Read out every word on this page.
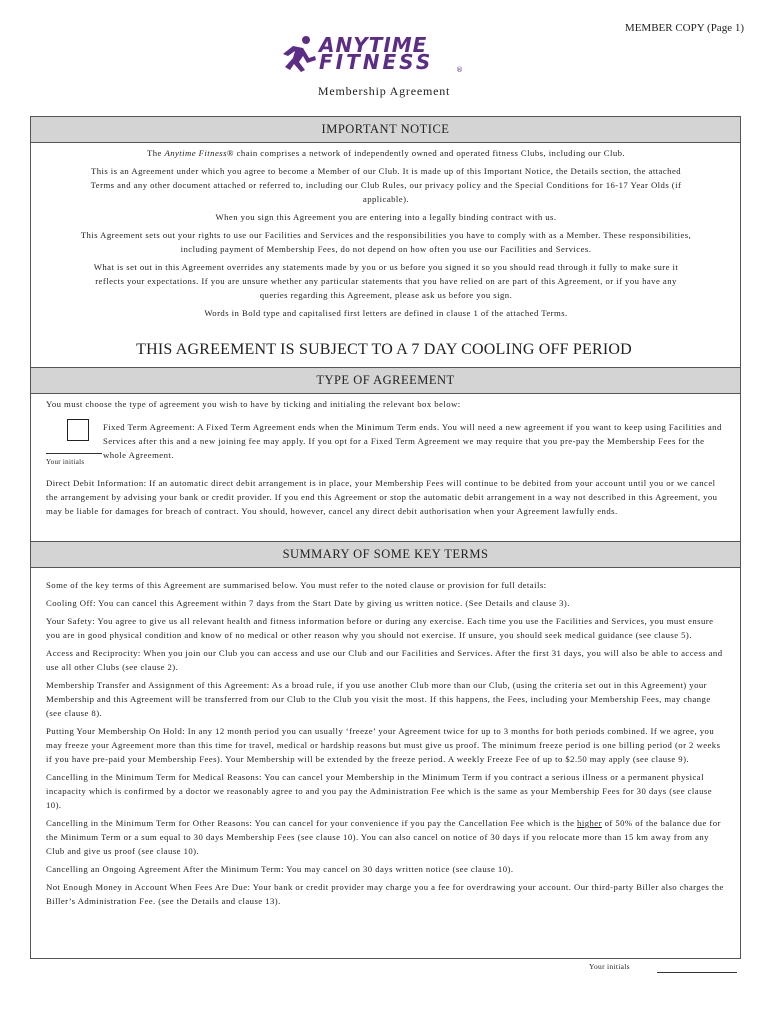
MEMBER COPY (Page 1)
ANYTIME
FITNESS	®
Membership Agreement
IMPORTANT NOTICE

The Anytime Fitness® chain comprises a network of independently owned and operated fitness Clubs, including our Club.

This is an Agreement under which you agree to become a Member of our Club. It is made up of this Important Notice, the Details section, the attached Terms and any other document attached or referred to, including our Club Rules, our privacy policy and the Special Conditions for 16-17 Year Olds (if applicable).

When you sign this Agreement you are entering into a legally binding contract with us.

This Agreement sets out your rights to use our Facilities and Services and the responsibilities you have to comply with as a Member. These responsibilities, including payment of Membership Fees, do not depend on how often you use our Facilities and Services.

What is set out in this Agreement overrides any statements made by you or us before you signed it so you should read through it fully to make sure it reflects your expectations. If you are unsure whether any particular statements that you have relied on are part of this Agreement, or if you have any queries regarding this Agreement, please ask us before you sign.

Words in Bold type and capitalised first letters are defined in clause 1 of the attached Terms.

THIS AGREEMENT IS SUBJECT TO A 7 DAY COOLING OFF PERIOD
TYPE OF AGREEMENT
You must choose the type of agreement you wish to have by ticking and initialing the relevant box below:
Your initials
Fixed Term Agreement: A Fixed Term Agreement ends when the Minimum Term ends. You will need a new agreement if you want to keep using Facilities and Services after this and a new joining fee may apply. If you opt for a Fixed Term Agreement we may require that you pre-pay the Membership Fees for the whole Agreement.
Direct Debit Information: If an automatic direct debit arrangement is in place, your Membership Fees will continue to be debited from your account until you or we cancel the arrangement by advising your bank or credit provider. If you end this Agreement or stop the automatic debit arrangement in a way not described in this Agreement, you may be liable for damages for breach of contract. You should, however, cancel any direct debit authorisation when your Agreement lawfully ends.
SUMMARY OF SOME KEY TERMS

Some of the key terms of this Agreement are summarised below. You must refer to the noted clause or provision for full details:

Cooling Off: You can cancel this Agreement within 7 days from the Start Date by giving us written notice. (See Details and clause 3).

Your Safety: You agree to give us all relevant health and fitness information before or during any exercise. Each time you use the Facilities and Services, you must ensure you are in good physical condition and know of no medical or other reason why you should not exercise. If unsure, you should seek medical guidance (see clause 5).

Access and Reciprocity: When you join our Club you can access and use our Club and our Facilities and Services. After the first 31 days, you will also be able to access and use all other Clubs (see clause 2).

Membership Transfer and Assignment of this Agreement: As a broad rule, if you use another Club more than our Club, (using the criteria set out in this Agreement) your Membership and this Agreement will be transferred from our Club to the Club you visit the most. If this happens, the Fees, including your Membership Fees, may change (see clause 8).

Putting Your Membership On Hold: In any 12 month period you can usually ‘freeze’ your Agreement twice for up to 3 months for both periods combined. If we agree, you may freeze your Agreement more than this time for travel, medical or hardship reasons but must give us proof. The minimum freeze period is one billing period (or 2 weeks if you have pre-paid your Membership Fees). Your Membership will be extended by the freeze period. A weekly Freeze Fee of up to $2.50 may apply (see clause 9).

Cancelling in the Minimum Term for Medical Reasons: You can cancel your Membership in the Minimum Term if you contract a serious illness or a permanent physical incapacity which is confirmed by a doctor we reasonably agree to and you pay the Administration Fee which is the same as your Membership Fees for 30 days (see clause 10).

Cancelling in the Minimum Term for Other Reasons: You can cancel for your convenience if you pay the Cancellation Fee which is the higher of 50% of the balance due for the Minimum Term or a sum equal to 30 days Membership Fees (see clause 10). You can also cancel on notice of 30 days if you relocate more than 15 km away from any Club and give us proof (see clause 10).

Cancelling an Ongoing Agreement After the Minimum Term: You may cancel on 30 days written notice (see clause 10).

Not Enough Money in Account When Fees Are Due: Your bank or credit provider may charge you a fee for overdrawing your account. Our third-party Biller also charges the Biller’s Administration Fee. (see the Details and clause 13).

Your initials
